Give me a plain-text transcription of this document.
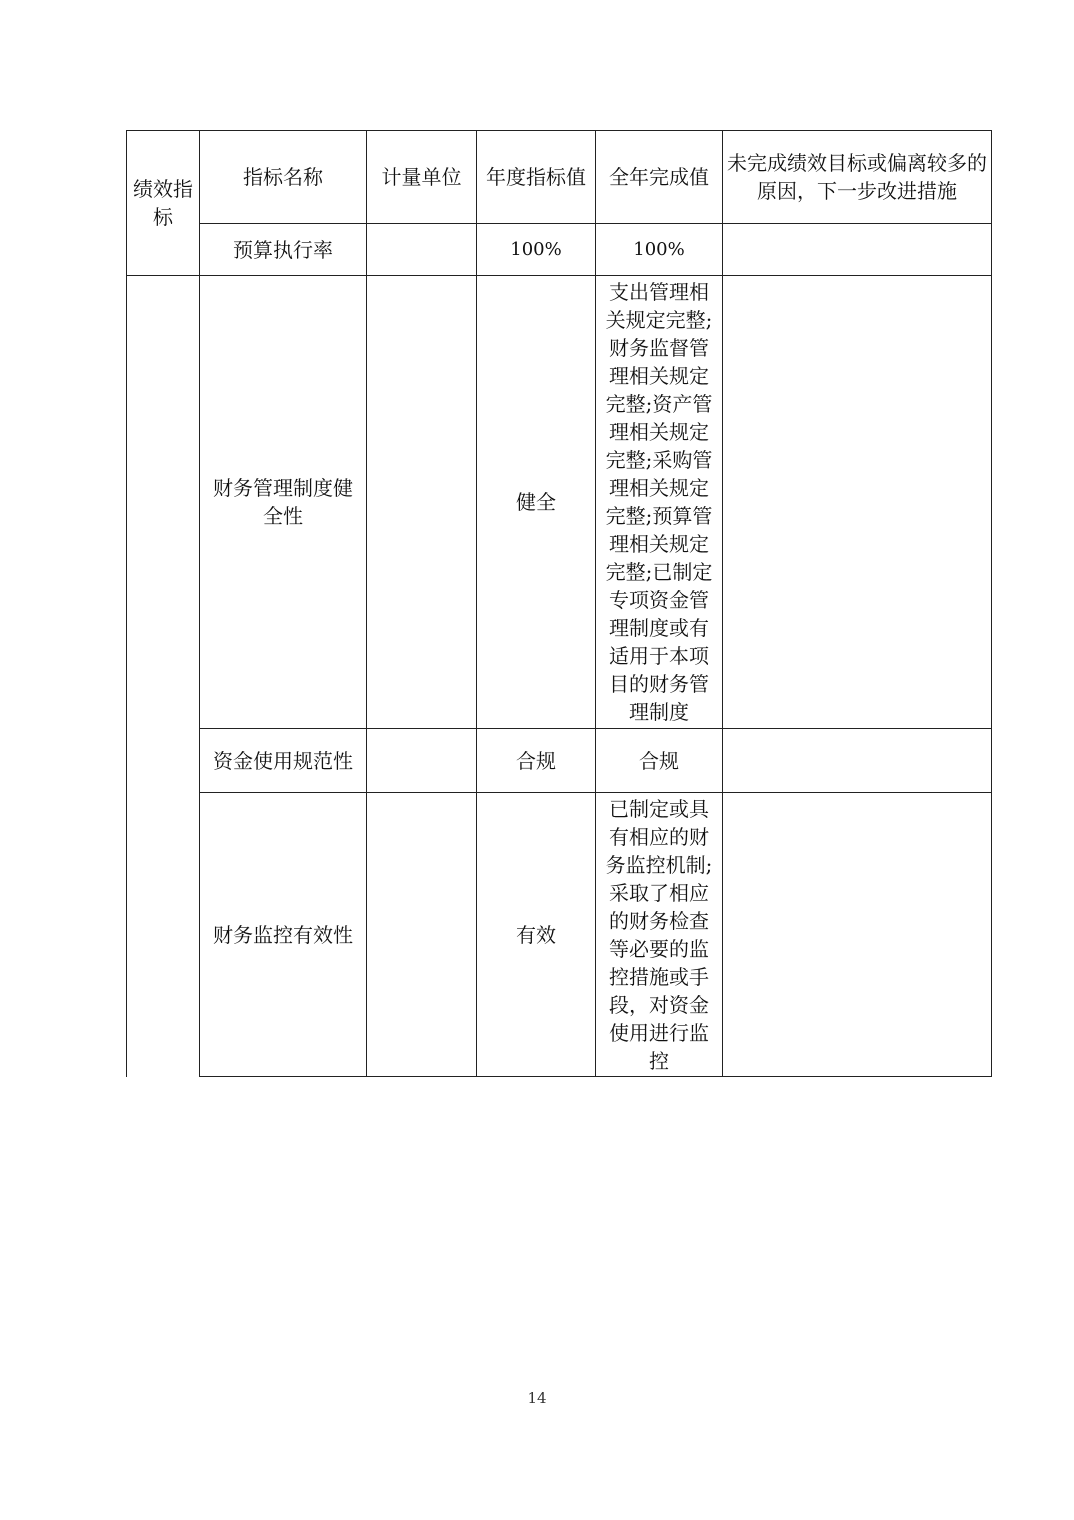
绩效指标	指标名称	计量单位	年度指标值	全年完成值	未完成绩效目标或偏离较多的原因，下一步改进措施
	预算执行率		100%	100%	
	财务管理制度健全性		健全	支出管理相关规定完整;财务监督管理相关规定完整;资产管理相关规定完整;采购管理相关规定完整;预算管理相关规定完整;已制定专项资金管理制度或有适用于本项目的财务管理制度	
	资金使用规范性		合规	合规	
	财务监控有效性		有效	已制定或具有相应的财务监控机制;采取了相应的财务检查等必要的监控措施或手段，对资金使用进行监控	
14
